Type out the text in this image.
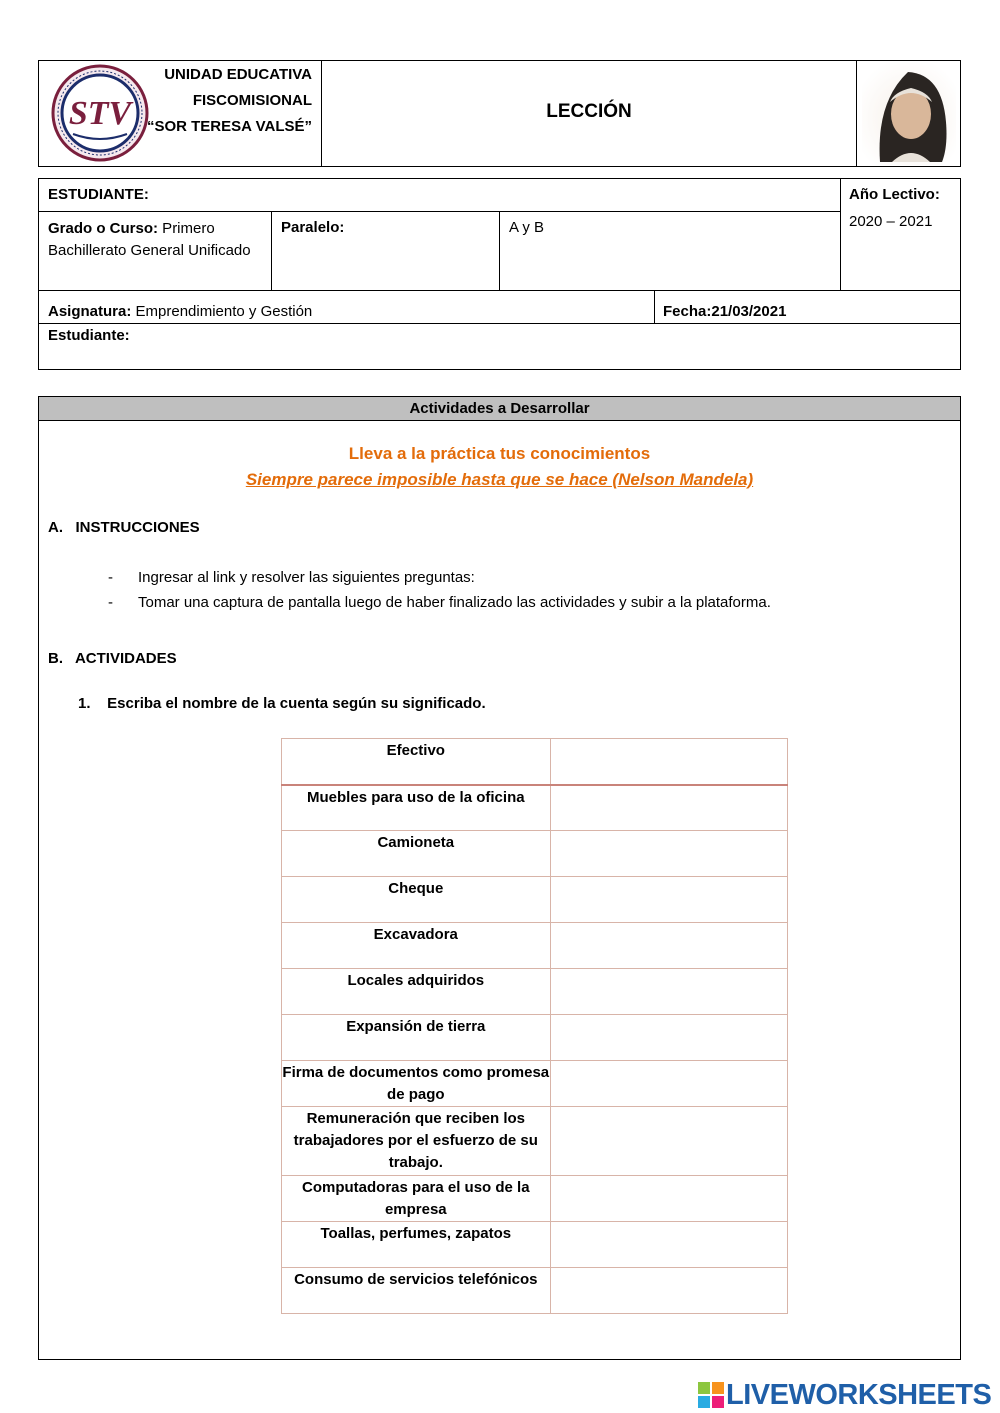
STV
UNIDAD EDUCATIVA
FISCOMISIONAL
“SOR TERESA VALSÉ”
LECCIÓN
ESTUDIANTE:	Año Lectivo:
2020 – 2021
Grado o Curso: Primero Bachillerato General Unificado
Paralelo:	A y B
Asignatura: Emprendimiento y Gestión	Fecha:21/03/2021
Estudiante:
Actividades a Desarrollar
Lleva a la práctica tus conocimientos
Siempre parece imposible hasta que se hace (Nelson Mandela)
A.   INSTRUCCIONES
- Ingresar al link y resolver las siguientes preguntas:
- Tomar una captura de pantalla luego de haber finalizado las actividades y subir a la plataforma.
B.   ACTIVIDADES
1.    Escriba el nombre de la cuenta según su significado.
Efectivo	
Muebles para uso de la oficina	
Camioneta	
Cheque	
Excavadora	
Locales adquiridos	
Expansión de tierra	
Firma de documentos como promesa de pago	
Remuneración que reciben los trabajadores por el esfuerzo de su trabajo.	
Computadoras para el uso de la empresa	
Toallas, perfumes, zapatos	
Consumo de servicios telefónicos	
LIVEWORKSHEETS
